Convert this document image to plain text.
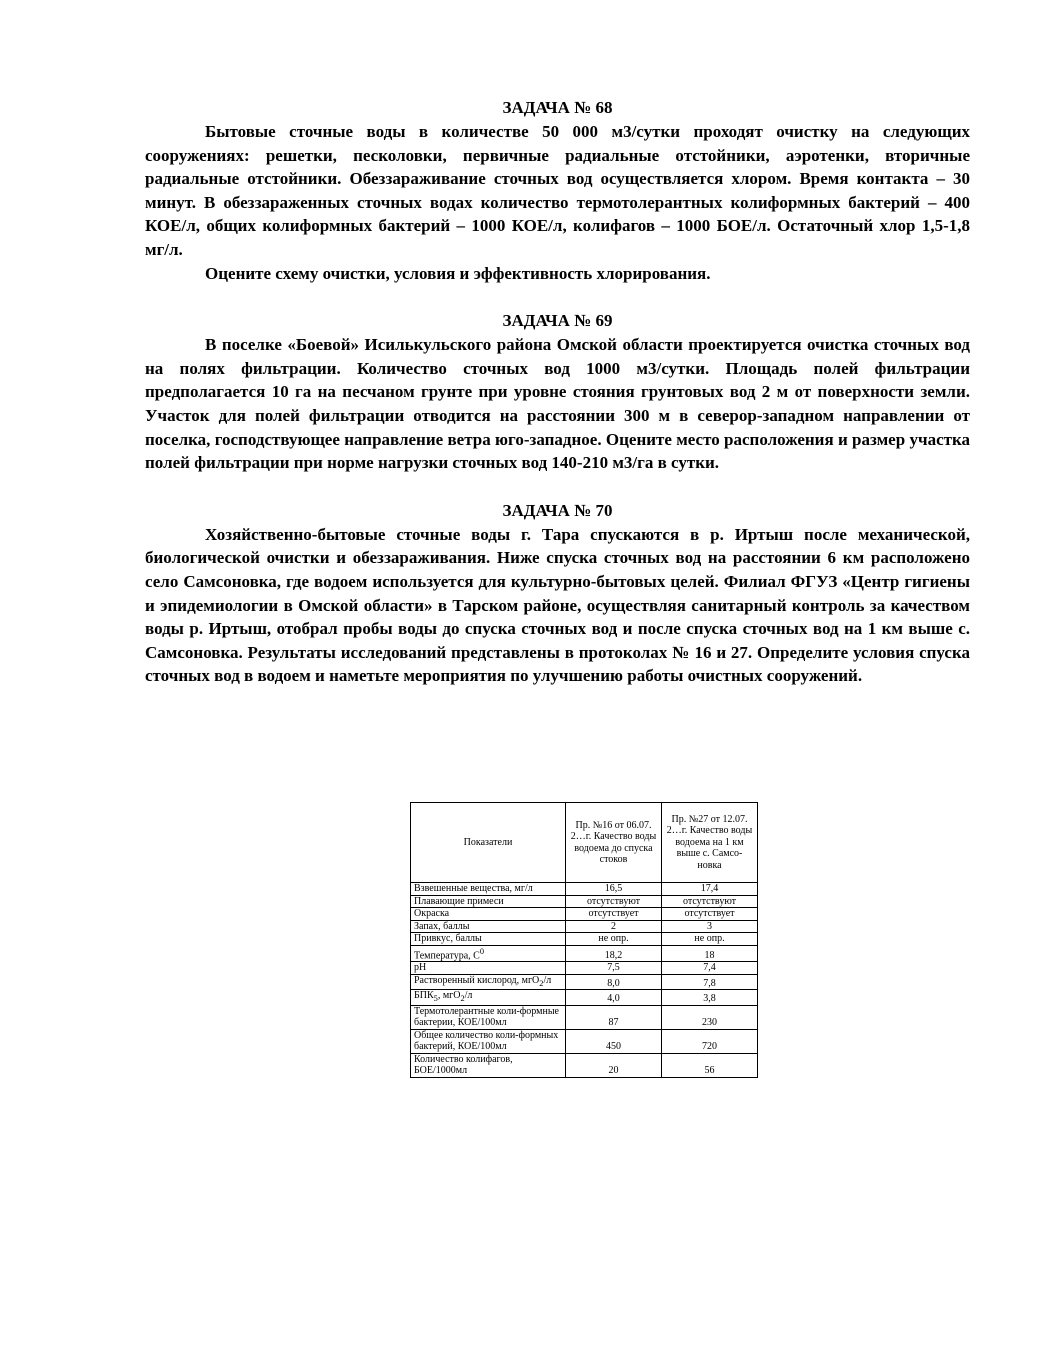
ЗАДАЧА № 68

Бытовые сточные воды в количестве 50 000 м3/сутки проходят очистку на следующих сооружениях: решетки, песколовки, первичные радиальные отстойники, аэротенки, вторичные радиальные отстойники. Обеззараживание сточных вод осуществляется хлором. Время контакта – 30 минут. В обеззараженных сточных водах количество термотолерантных колиформных бактерий – 400 КОЕ/л, общих колиформных бактерий – 1000 КОЕ/л, колифагов – 1000 БОЕ/л. Остаточный хлор 1,5-1,8 мг/л.

Оцените схему очистки, условия и эффективность хлорирования.

ЗАДАЧА № 69

В поселке «Боевой» Исилькульского района Омской области проектируется очистка сточных вод на полях фильтрации. Количество сточных вод 1000 м3/сутки. Площадь полей фильтрации предполагается 10 га на песчаном грунте при уровне стояния грунтовых вод 2 м от поверхности земли. Участок для полей фильтрации отводится на расстоянии 300 м в северор-западном направлении от поселка, господствующее направление ветра юго-западное. Оцените место расположения и размер участка полей фильтрации при норме нагрузки сточных вод 140-210 м3/га в сутки.

ЗАДАЧА № 70

Хозяйственно-бытовые сточные воды г. Тара спускаются в р. Иртыш после механической, биологической очистки и обеззараживания. Ниже спуска сточных вод на расстоянии 6 км расположено село Самсоновка, где водоем используется для культурно-бытовых целей. Филиал ФГУЗ «Центр гигиены и эпидемиологии в Омской области» в Тарском районе, осуществляя санитарный контроль за качеством воды р. Иртыш, отобрал пробы воды до спуска сточных вод и после спуска сточных вод на 1 км выше с. Самсоновка. Результаты исследований представлены в протоколах № 16 и 27. Определите условия спуска сточных вод в водоем и наметьте мероприятия по улучшению работы очистных сооружений.

Показатели	Пр. №16 от 06.07. 2…г. Качество воды водоема до спуска стоков	Пр. №27 от 12.07. 2…г. Качество воды водоема на 1 км выше с. Самсо-новка
Взвешенные вещества, мг/л	16,5	17,4
Плавающие примеси	отсутствуют	отсутствуют
Окраска	отсутствует	отсутствует
Запах, баллы	2	3
Привкус, баллы	не опр.	не опр.
Температура, $С^0$	18,2	18
рН	7,5	7,4
Растворенный кислород, мгО$_2$/л	8,0	7,8
$БПК_5$, мгО$_2$/л	4,0	3,8
Термотолерантные коли-формные бактерии, КОЕ/100мл	87	230
Общее количество коли-формных бактерий, КОЕ/100мл	450	720
Количество колифагов, БОЕ/1000мл	20	56
